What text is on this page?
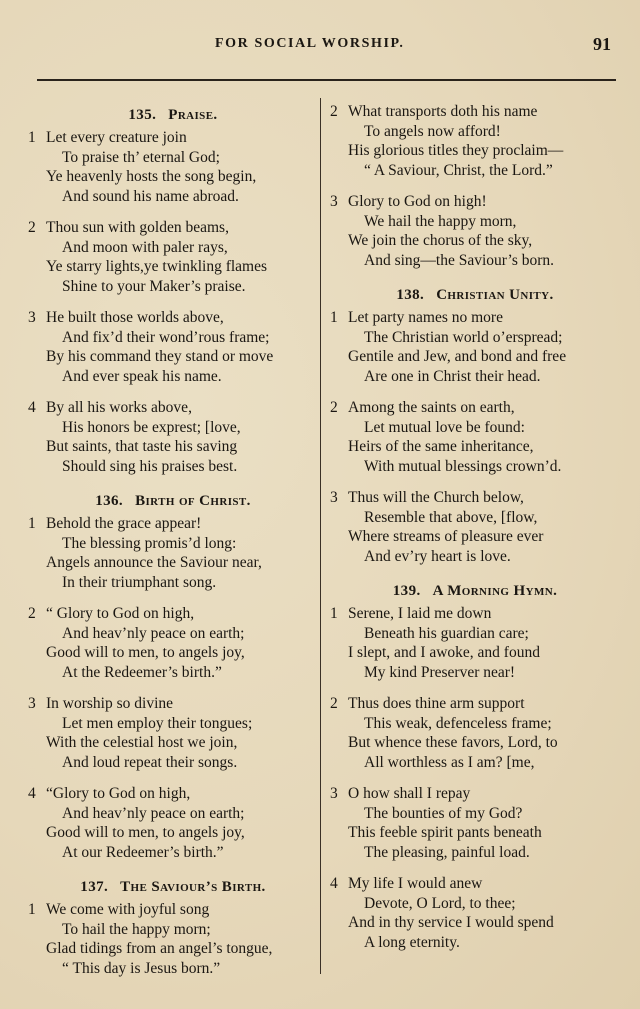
FOR SOCIAL WORSHIP.	91
135. Praise.
1 Let every creature join
To praise th’ eternal God;
Ye heavenly hosts the song begin,
And sound his name abroad.
2 Thou sun with golden beams,
And moon with paler rays,
Ye starry lights,ye twinkling flames
Shine to your Maker’s praise.
3 He built those worlds above,
And fix’d their wond’rous frame;
By his command they stand or move
And ever speak his name.
4 By all his works above,
His honors be exprest; [love,
But saints, that taste his saving
Should sing his praises best.
136. Birth of Christ.
1 Behold the grace appear!
The blessing promis’d long:
Angels announce the Saviour near,
In their triumphant song.
2 “ Glory to God on high,
And heav’nly peace on earth;
Good will to men, to angels joy,
At the Redeemer’s birth.”
3 In worship so divine
Let men employ their tongues;
With the celestial host we join,
And loud repeat their songs.
4 “Glory to God on high,
And heav’nly peace on earth;
Good will to men, to angels joy,
At our Redeemer’s birth.”
137. The Saviour’s Birth.
1 We come with joyful song
To hail the happy morn;
Glad tidings from an angel’s tongue,
“ This day is Jesus born.”
2 What transports doth his name
To angels now afford!
His glorious titles they proclaim—
“ A Saviour, Christ, the Lord.”
3 Glory to God on high!
We hail the happy morn,
We join the chorus of the sky,
And sing—the Saviour’s born.
138. Christian Unity.
1 Let party names no more
The Christian world o’erspread;
Gentile and Jew, and bond and free
Are one in Christ their head.
2 Among the saints on earth,
Let mutual love be found:
Heirs of the same inheritance,
With mutual blessings crown’d.
3 Thus will the Church below,
Resemble that above, [flow,
Where streams of pleasure ever
And ev’ry heart is love.
139. A Morning Hymn.
1 Serene, I laid me down
Beneath his guardian care;
I slept, and I awoke, and found
My kind Preserver near!
2 Thus does thine arm support
This weak, defenceless frame;
But whence these favors, Lord, to
All worthless as I am? [me,
3 O how shall I repay
The bounties of my God?
This feeble spirit pants beneath
The pleasing, painful load.
4 My life I would anew
Devote, O Lord, to thee;
And in thy service I would spend
A long eternity.
